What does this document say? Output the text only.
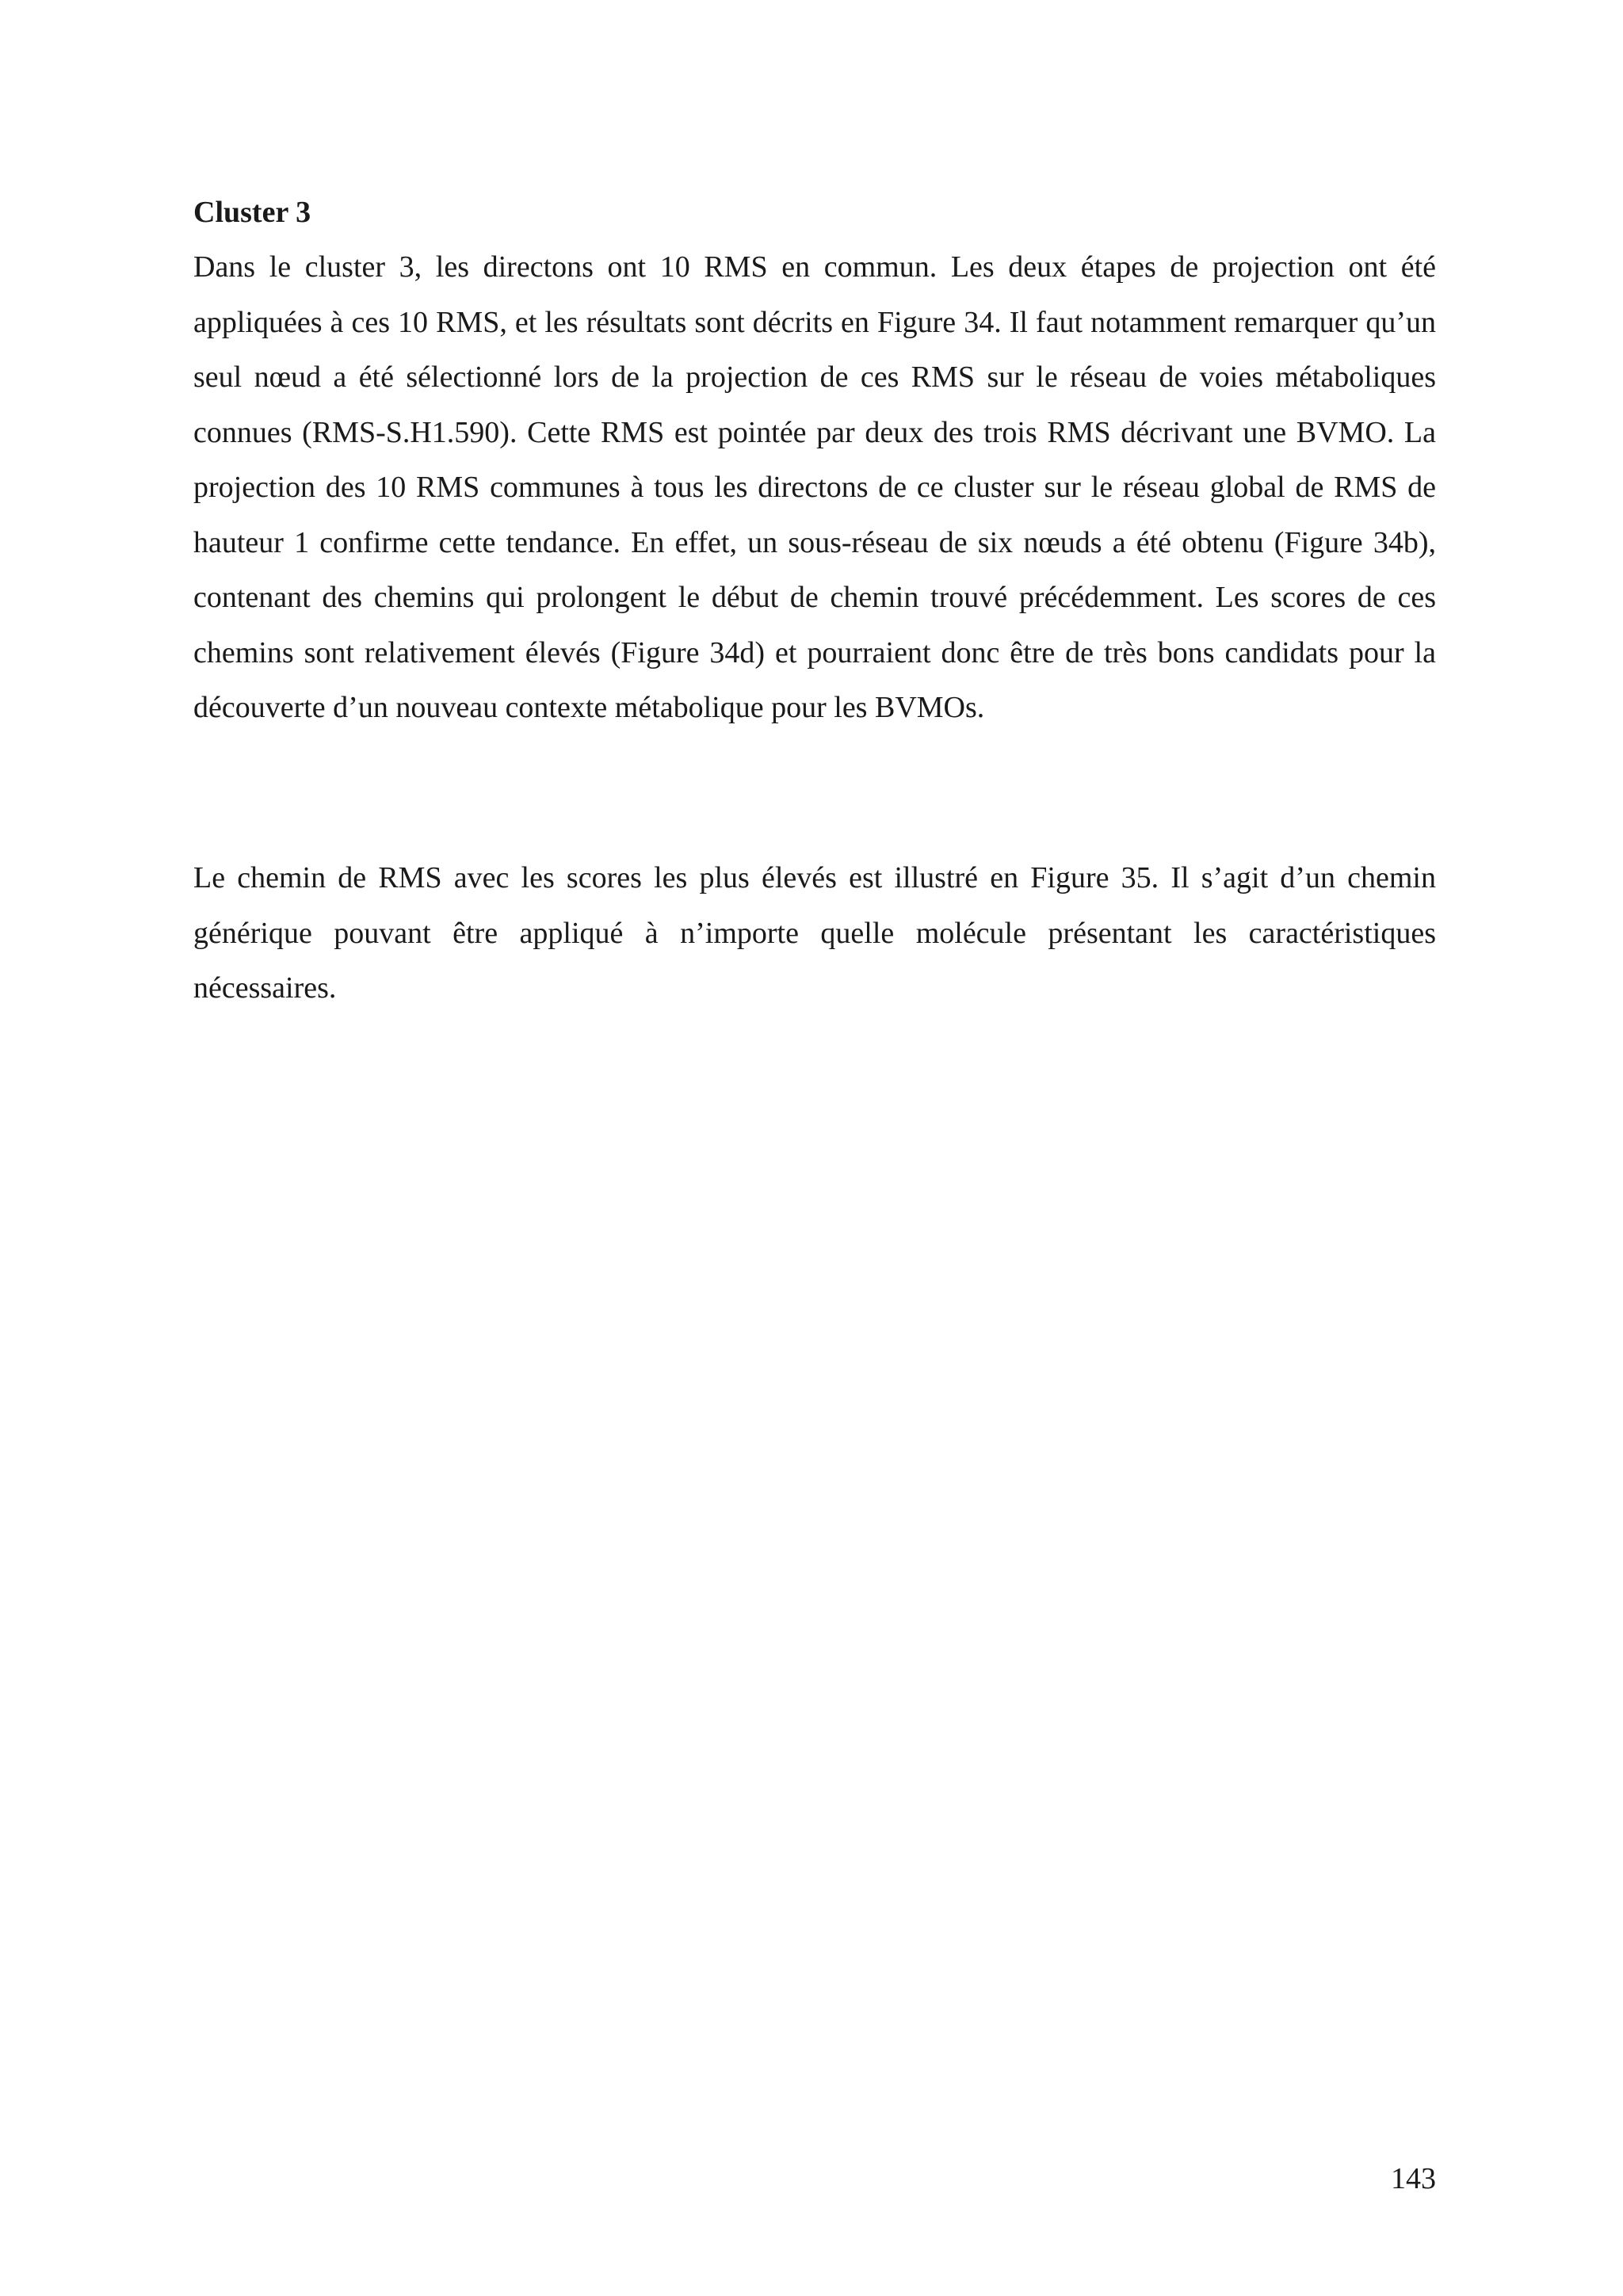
Cluster 3

Dans le cluster 3, les directons ont 10 RMS en commun. Les deux étapes de projection ont été appliquées à ces 10 RMS, et les résultats sont décrits en Figure 34. Il faut notamment remarquer qu’un seul nœud a été sélectionné lors de la projection de ces RMS sur le réseau de voies métaboliques connues (RMS-S.H1.590). Cette RMS est pointée par deux des trois RMS décrivant une BVMO. La projection des 10 RMS communes à tous les directons de ce cluster sur le réseau global de RMS de hauteur 1 confirme cette tendance. En effet, un sous-réseau de six nœuds a été obtenu (Figure 34b), contenant des chemins qui prolongent le début de chemin trouvé précédemment. Les scores de ces chemins sont relativement élevés (Figure 34d) et pourraient donc être de très bons candidats pour la découverte d’un nouveau contexte métabolique pour les BVMOs.

Le chemin de RMS avec les scores les plus élevés est illustré en Figure 35. Il s’agit d’un chemin générique pouvant être appliqué à n’importe quelle molécule présentant les caractéristiques nécessaires.

143
